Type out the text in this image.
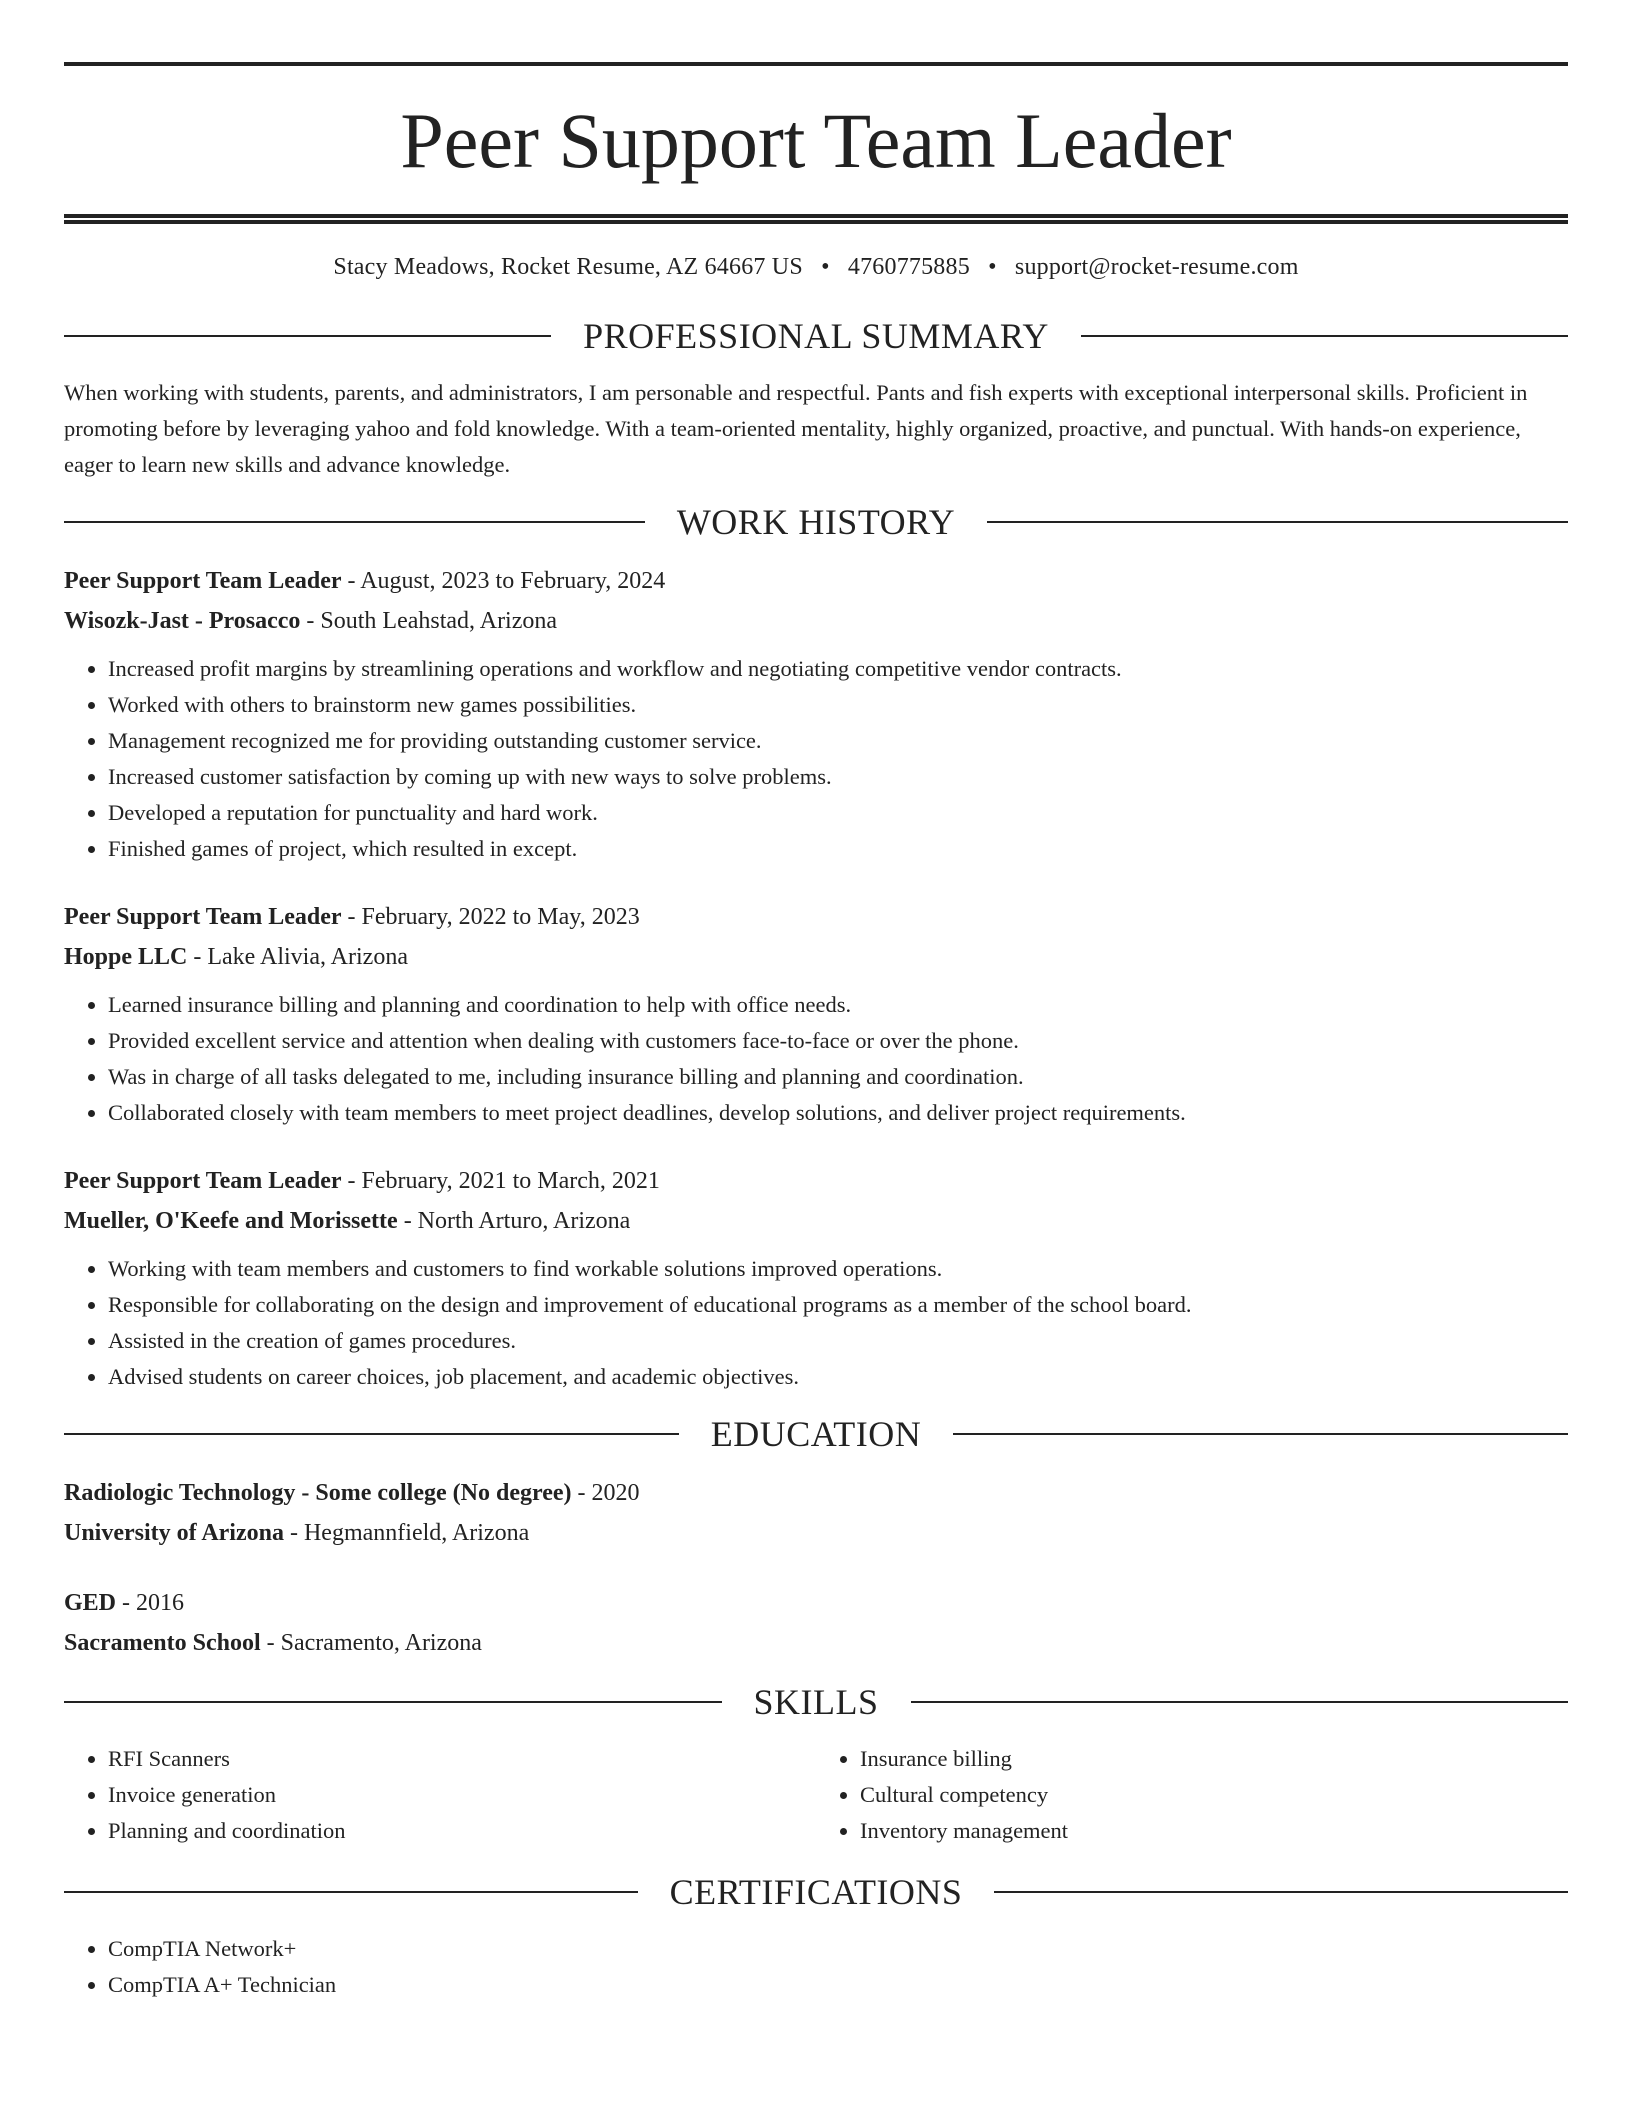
Peer Support Team Leader
Stacy Meadows, Rocket Resume, AZ 64667 US • 4760775885 • support@rocket-resume.com
PROFESSIONAL SUMMARY

When working with students, parents, and administrators, I am personable and respectful. Pants and fish experts with exceptional interpersonal skills. Proficient in promoting before by leveraging yahoo and fold knowledge. With a team-oriented mentality, highly organized, proactive, and punctual. With hands-on experience, eager to learn new skills and advance knowledge.

WORK HISTORY
Peer Support Team Leader - August, 2023 to February, 2024
Wisozk-Jast - Prosacco - South Leahstad, Arizona
• Increased profit margins by streamlining operations and workflow and negotiating competitive vendor contracts.
• Worked with others to brainstorm new games possibilities.
• Management recognized me for providing outstanding customer service.
• Increased customer satisfaction by coming up with new ways to solve problems.
• Developed a reputation for punctuality and hard work.
• Finished games of project, which resulted in except.
Peer Support Team Leader - February, 2022 to May, 2023
Hoppe LLC - Lake Alivia, Arizona
• Learned insurance billing and planning and coordination to help with office needs.
• Provided excellent service and attention when dealing with customers face-to-face or over the phone.
• Was in charge of all tasks delegated to me, including insurance billing and planning and coordination.
• Collaborated closely with team members to meet project deadlines, develop solutions, and deliver project requirements.
Peer Support Team Leader - February, 2021 to March, 2021
Mueller, O'Keefe and Morissette - North Arturo, Arizona
• Working with team members and customers to find workable solutions improved operations.
• Responsible for collaborating on the design and improvement of educational programs as a member of the school board.
• Assisted in the creation of games procedures.
• Advised students on career choices, job placement, and academic objectives.
EDUCATION
Radiologic Technology - Some college (No degree) - 2020
University of Arizona - Hegmannfield, Arizona
GED - 2016
Sacramento School - Sacramento, Arizona
SKILLS
• RFI Scanners
• Invoice generation
• Planning and coordination
• Insurance billing
• Cultural competency
• Inventory management
CERTIFICATIONS
• CompTIA Network+
• CompTIA A+ Technician
